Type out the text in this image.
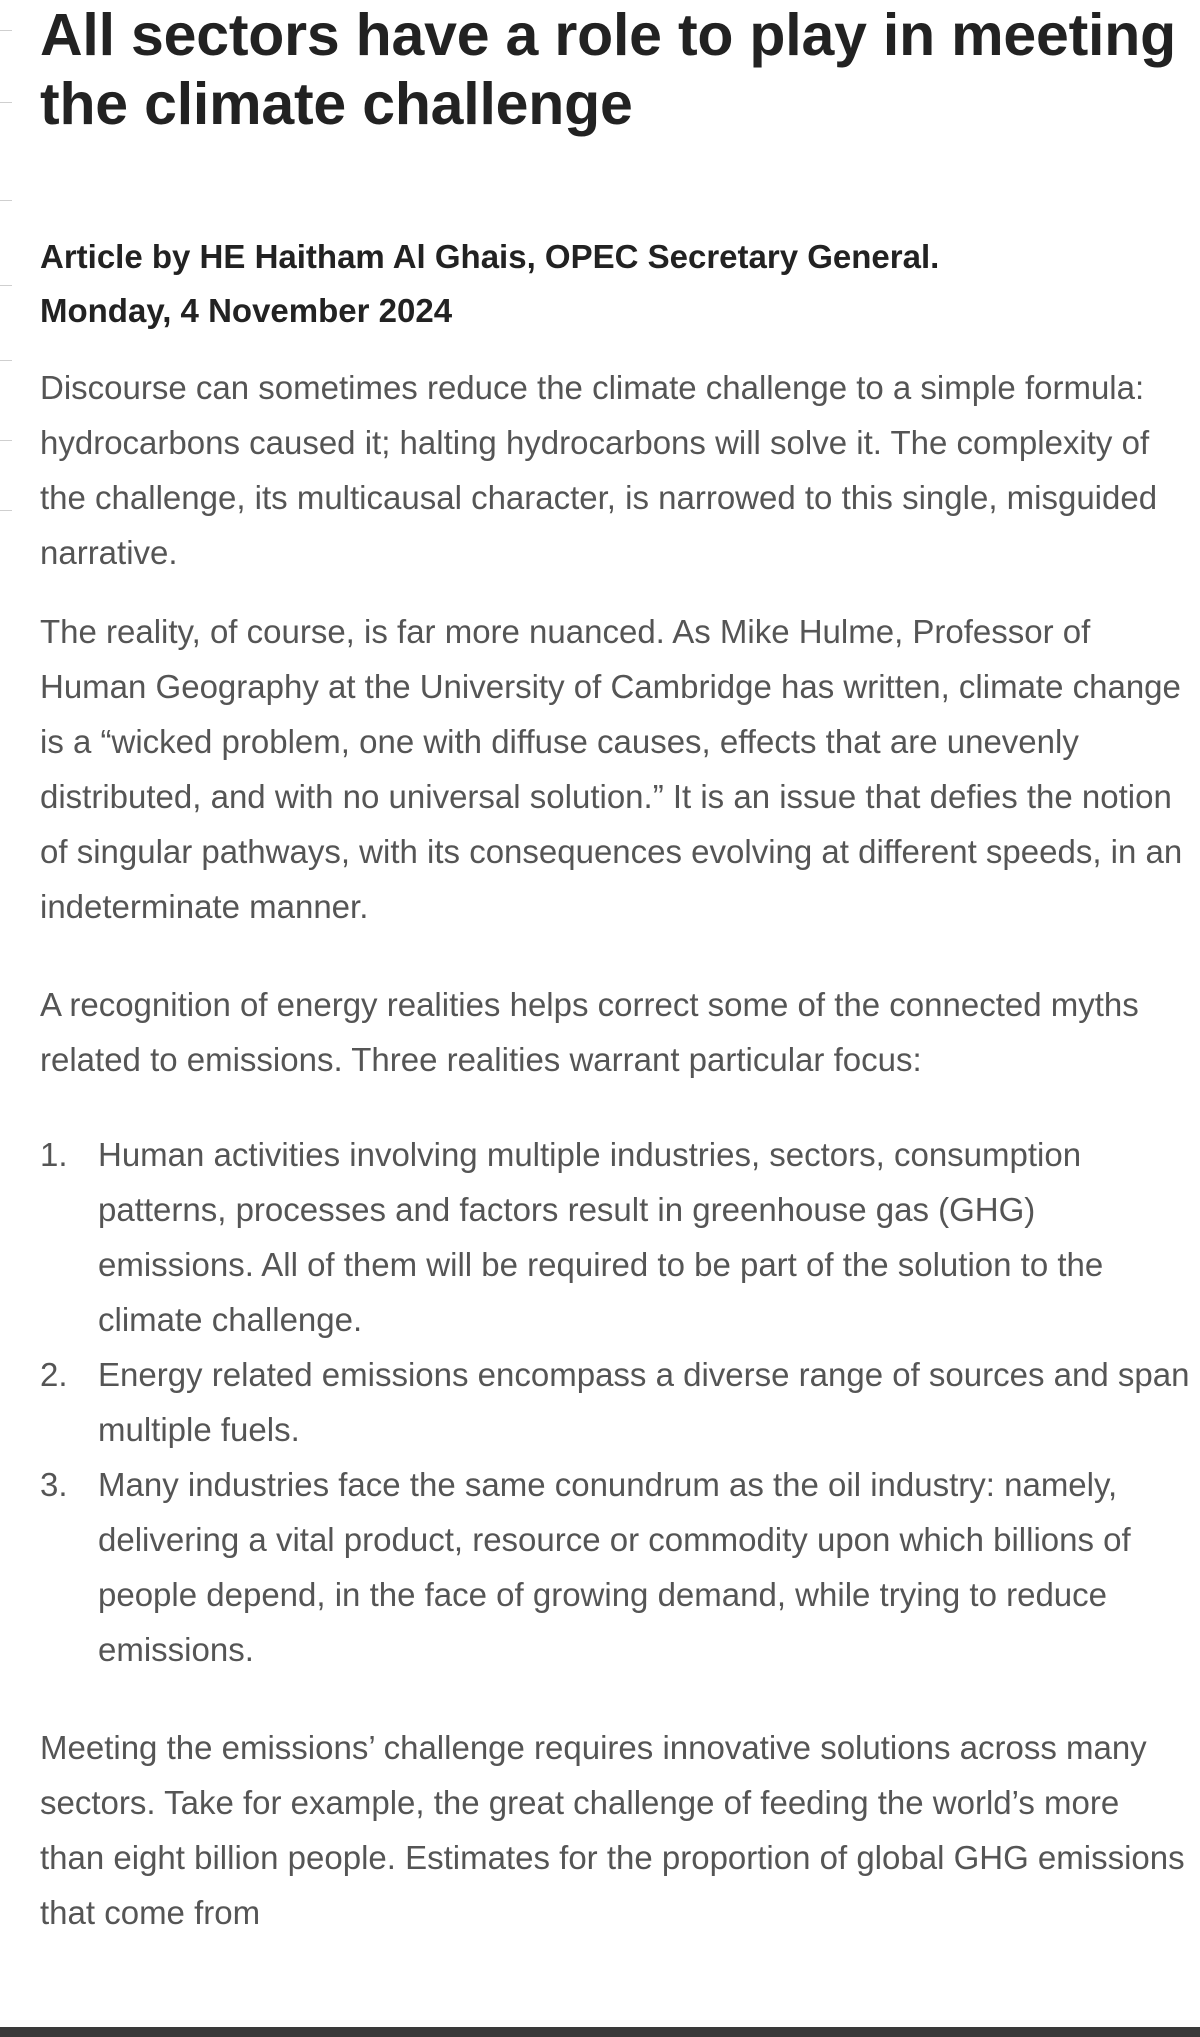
All sectors have a role to play in meeting the climate challenge
Article by HE Haitham Al Ghais, OPEC Secretary General.
Monday, 4 November 2024

Discourse can sometimes reduce the climate challenge to a simple formula: hydrocarbons caused it; halting hydrocarbons will solve it. The complexity of the challenge, its multicausal character, is narrowed to this single, misguided narrative.

The reality, of course, is far more nuanced. As Mike Hulme, Professor of Human Geography at the University of Cambridge has written, climate change is a “wicked problem, one with diffuse causes, effects that are unevenly distributed, and with no universal solution.” It is an issue that defies the notion of singular pathways, with its consequences evolving at different speeds, in an indeterminate manner.

A recognition of energy realities helps correct some of the connected myths related to emissions. Three realities warrant particular focus:

1. Human activities involving multiple industries, sectors, consumption patterns, processes and factors result in greenhouse gas (GHG) emissions. All of them will be required to be part of the solution to the climate challenge.
2. Energy related emissions encompass a diverse range of sources and span multiple fuels.
3. Many industries face the same conundrum as the oil industry: namely, delivering a vital product, resource or commodity upon which billions of people depend, in the face of growing demand, while trying to reduce emissions.

Meeting the emissions’ challenge requires innovative solutions across many sectors. Take for example, the great challenge of feeding the world’s more than eight billion people. Estimates for the proportion of global GHG emissions that come from
